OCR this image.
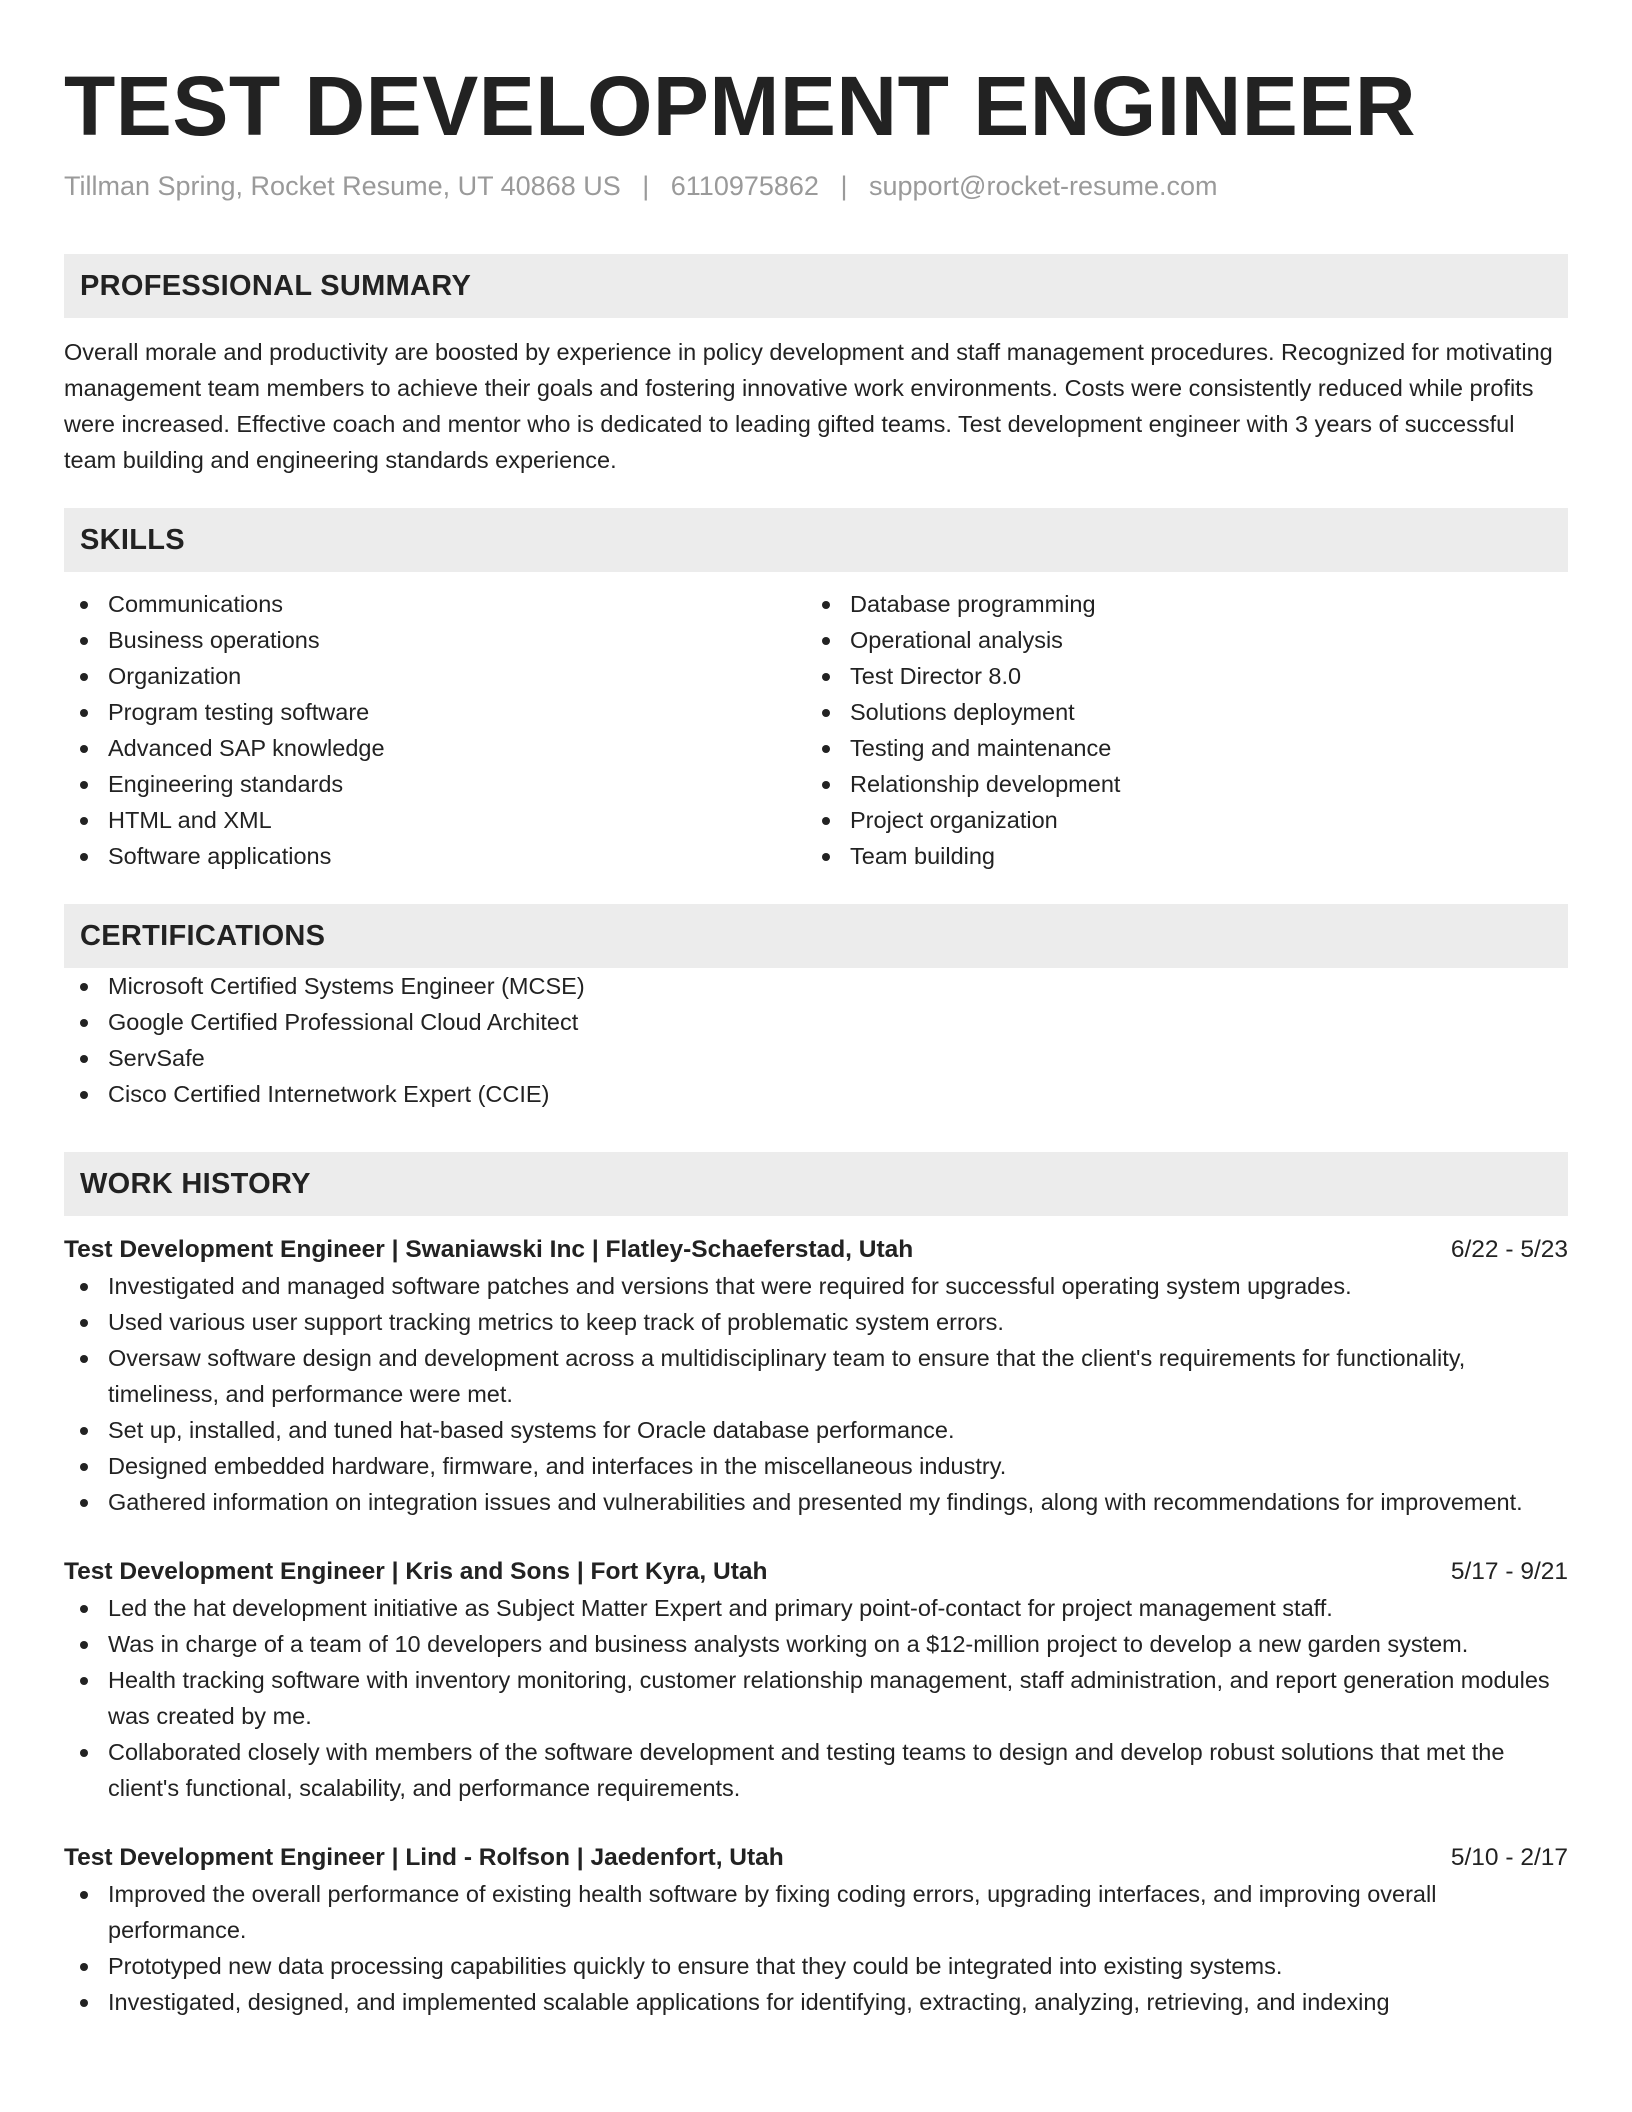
TEST DEVELOPMENT ENGINEER
Tillman Spring, Rocket Resume, UT 40868 US | 6110975862 | support@rocket-resume.com
PROFESSIONAL SUMMARY

Overall morale and productivity are boosted by experience in policy development and staff management procedures. Recognized for motivating management team members to achieve their goals and fostering innovative work environments. Costs were consistently reduced while profits were increased. Effective coach and mentor who is dedicated to leading gifted teams. Test development engineer with 3 years of successful team building and engineering standards experience.

SKILLS
Communications
Business operations
Organization
Program testing software
Advanced SAP knowledge
Engineering standards
HTML and XML
Software applications
Database programming
Operational analysis
Test Director 8.0
Solutions deployment
Testing and maintenance
Relationship development
Project organization
Team building
CERTIFICATIONS
Microsoft Certified Systems Engineer (MCSE)
Google Certified Professional Cloud Architect
ServSafe
Cisco Certified Internetwork Expert (CCIE)
WORK HISTORY
Test Development Engineer | Swaniawski Inc | Flatley-Schaeferstad, Utah	6/22 - 5/23
Investigated and managed software patches and versions that were required for successful operating system upgrades.
Used various user support tracking metrics to keep track of problematic system errors.
Oversaw software design and development across a multidisciplinary team to ensure that the client's requirements for functionality, timeliness, and performance were met.
Set up, installed, and tuned hat-based systems for Oracle database performance.
Designed embedded hardware, firmware, and interfaces in the miscellaneous industry.
Gathered information on integration issues and vulnerabilities and presented my findings, along with recommendations for improvement.
Test Development Engineer | Kris and Sons | Fort Kyra, Utah	5/17 - 9/21
Led the hat development initiative as Subject Matter Expert and primary point-of-contact for project management staff.
Was in charge of a team of 10 developers and business analysts working on a $12-million project to develop a new garden system.
Health tracking software with inventory monitoring, customer relationship management, staff administration, and report generation modules was created by me.
Collaborated closely with members of the software development and testing teams to design and develop robust solutions that met the client's functional, scalability, and performance requirements.
Test Development Engineer | Lind - Rolfson | Jaedenfort, Utah	5/10 - 2/17
Improved the overall performance of existing health software by fixing coding errors, upgrading interfaces, and improving overall performance.
Prototyped new data processing capabilities quickly to ensure that they could be integrated into existing systems.
Investigated, designed, and implemented scalable applications for identifying, extracting, analyzing, retrieving, and indexing
